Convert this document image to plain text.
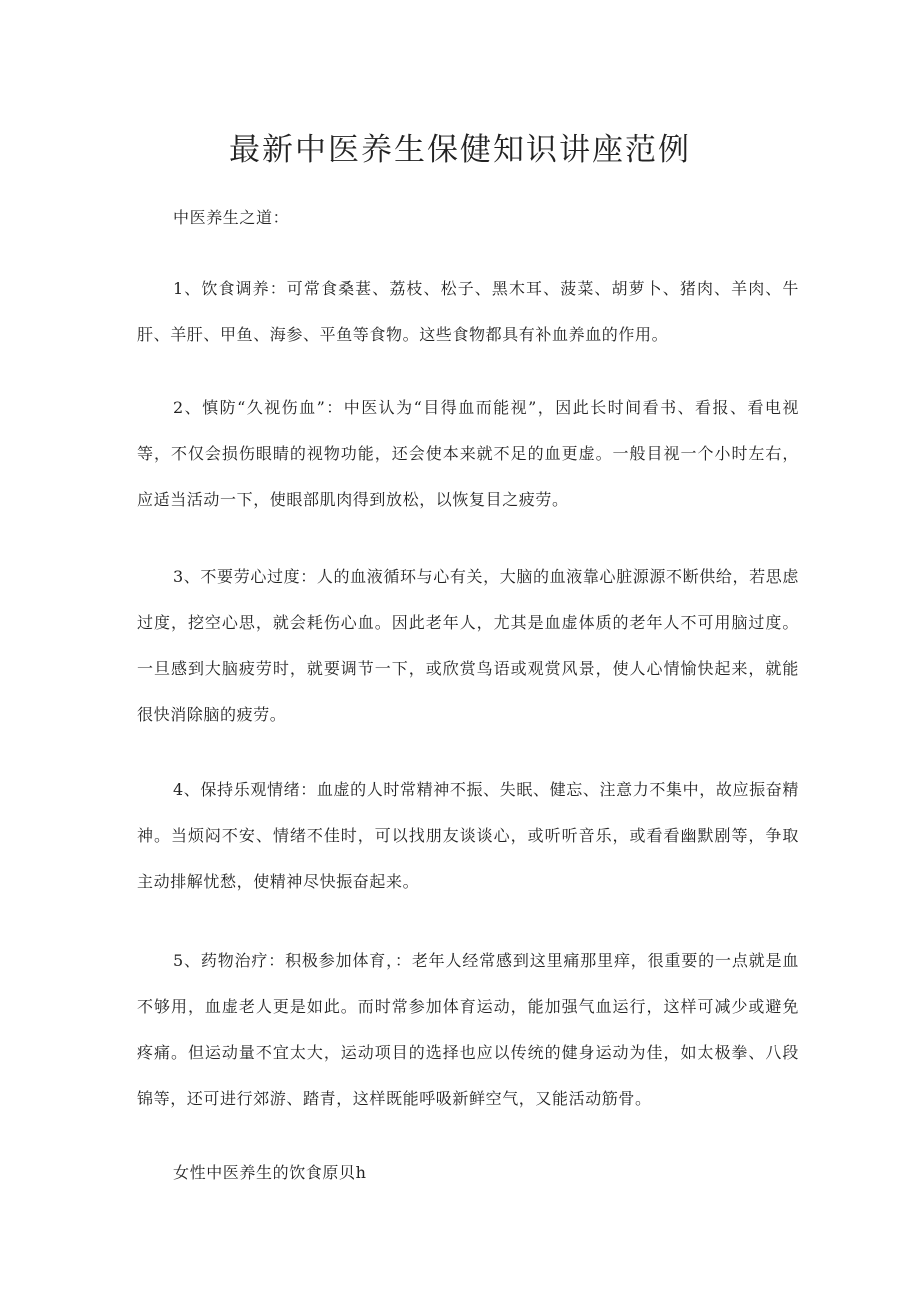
最新中医养生保健知识讲座范例

中医养生之道：

1、饮食调养：可常食桑葚、荔枝、松子、黑木耳、菠菜、胡萝卜、猪肉、羊肉、牛肝、羊肝、甲鱼、海参、平鱼等食物。这些食物都具有补血养血的作用。

2、慎防“久视伤血”：中医认为“目得血而能视”，因此长时间看书、看报、看电视等，不仅会损伤眼睛的视物功能，还会使本来就不足的血更虚。一般目视一个小时左右，应适当活动一下，使眼部肌肉得到放松，以恢复目之疲劳。

3、不要劳心过度：人的血液循环与心有关，大脑的血液靠心脏源源不断供给，若思虑过度，挖空心思，就会耗伤心血。因此老年人，尤其是血虚体质的老年人不可用脑过度。一旦感到大脑疲劳时，就要调节一下，或欣赏鸟语或观赏风景，使人心情愉快起来，就能很快消除脑的疲劳。

4、保持乐观情绪：血虚的人时常精神不振、失眠、健忘、注意力不集中，故应振奋精神。当烦闷不安、情绪不佳时，可以找朋友谈谈心，或听听音乐，或看看幽默剧等，争取主动排解忧愁，使精神尽快振奋起来。

5、药物治疗：积极参加体育，：老年人经常感到这里痛那里痒，很重要的一点就是血不够用，血虚老人更是如此。而时常参加体育运动，能加强气血运行，这样可减少或避免疼痛。但运动量不宜太大，运动项目的选择也应以传统的健身运动为佳，如太极拳、八段锦等，还可进行郊游、踏青，这样既能呼吸新鲜空气，又能活动筋骨。

女性中医养生的饮食原贝h
